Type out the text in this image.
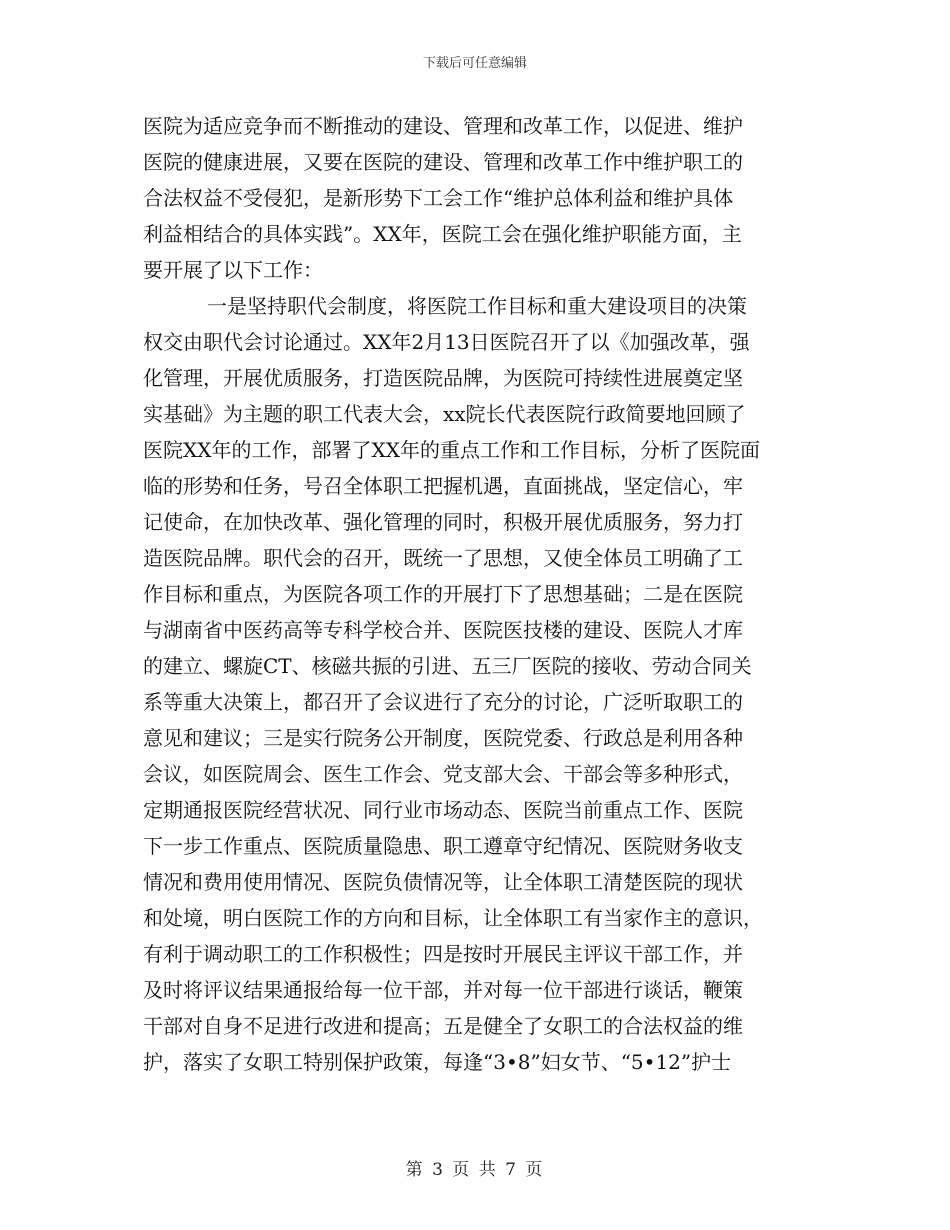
下载后可任意编辑
医院为适应竞争而不断推动的建设、管理和改革工作，以促进、维护
医院的健康进展，又要在医院的建设、管理和改革工作中维护职工的
合法权益不受侵犯，是新形势下工会工作“维护总体利益和维护具体
利益相结合的具体实践”。XX年，医院工会在强化维护职能方面，主
要开展了以下工作：
一是坚持职代会制度，将医院工作目标和重大建设项目的决策
权交由职代会讨论通过。XX年2月13日医院召开了以《加强改革，强
化管理，开展优质服务，打造医院品牌，为医院可持续性进展奠定坚
实基础》为主题的职工代表大会，xx院长代表医院行政简要地回顾了
医院XX年的工作，部署了XX年的重点工作和工作目标，分析了医院面
临的形势和任务，号召全体职工把握机遇，直面挑战，坚定信心，牢
记使命，在加快改革、强化管理的同时，积极开展优质服务，努力打
造医院品牌。职代会的召开，既统一了思想，又使全体员工明确了工
作目标和重点，为医院各项工作的开展打下了思想基础；二是在医院
与湖南省中医药高等专科学校合并、医院医技楼的建设、医院人才库
的建立、螺旋CT、核磁共振的引进、五三厂医院的接收、劳动合同关
系等重大决策上，都召开了会议进行了充分的讨论，广泛听取职工的
意见和建议；三是实行院务公开制度，医院党委、行政总是利用各种
会议，如医院周会、医生工作会、党支部大会、干部会等多种形式，
定期通报医院经营状况、同行业市场动态、医院当前重点工作、医院
下一步工作重点、医院质量隐患、职工遵章守纪情况、医院财务收支
情况和费用使用情况、医院负债情况等，让全体职工清楚医院的现状
和处境，明白医院工作的方向和目标，让全体职工有当家作主的意识，
有利于调动职工的工作积极性；四是按时开展民主评议干部工作，并
及时将评议结果通报给每一位干部，并对每一位干部进行谈话，鞭策
干部对自身不足进行改进和提高；五是健全了女职工的合法权益的维
护，落实了女职工特别保护政策，每逢“3•8”妇女节、“5•12”护士
第 3 页 共 7 页
